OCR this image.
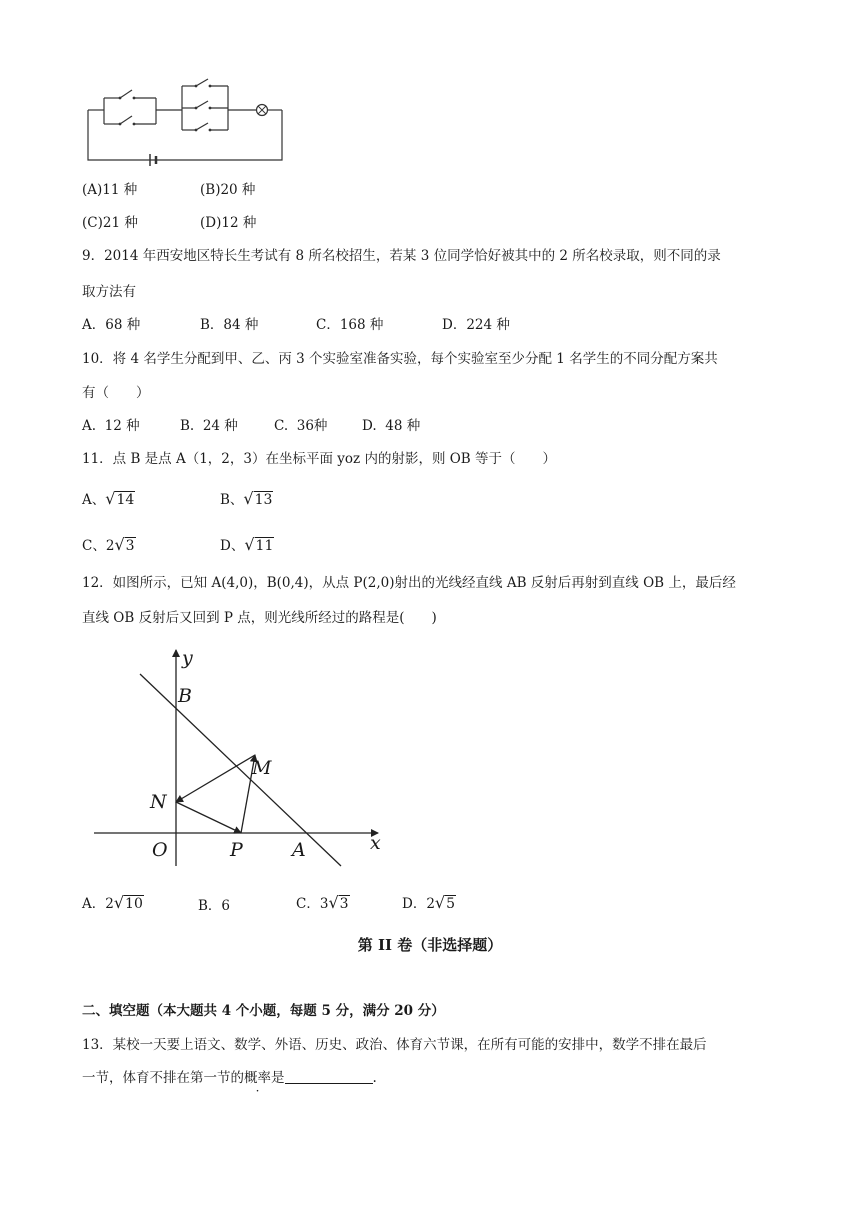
(A)11 种	(B)20 种
(C)21 种	(D)12 种
9．2014 年西安地区特长生考试有 8 所名校招生，若某 3 位同学恰好被其中的 2 所名校录取，则不同的录
取方法有
A．68 种	B．84 种	C．168 种	D．224 种
10．将 4 名学生分配到甲、乙、丙 3 个实验室准备实验，每个实验室至少分配 1 名学生的不同分配方案共
有（　　）
A. 12 种	B. 24 种	C. 36种	D. 48 种
11．点 B 是点 A（1，2，3）在坐标平面 yoz 内的射影，则 OB 等于（　　）
A、√14	B、√13
C、2√3	D、√11
12．如图所示，已知 A(4,0)，B(0,4)，从点 P(2,0)射出的光线经直线 AB 反射后再射到直线 OB 上，最后经
直线 OB 反射后又回到 P 点，则光线所经过的路程是(　　)
y
x
B
M
N
O	P	A
A．2√10	B．6	C．3√3	D．2√5
第 II 卷（非选择题）
二、填空题（本大题共 4 个小题，每题 5 分，满分 20 分）
13．某校一天要上语文、数学、外语、历史、政治、体育六节课，在所有可能的安排中，数学不排在最后
一节，体育不排在第一节的概率是	.
